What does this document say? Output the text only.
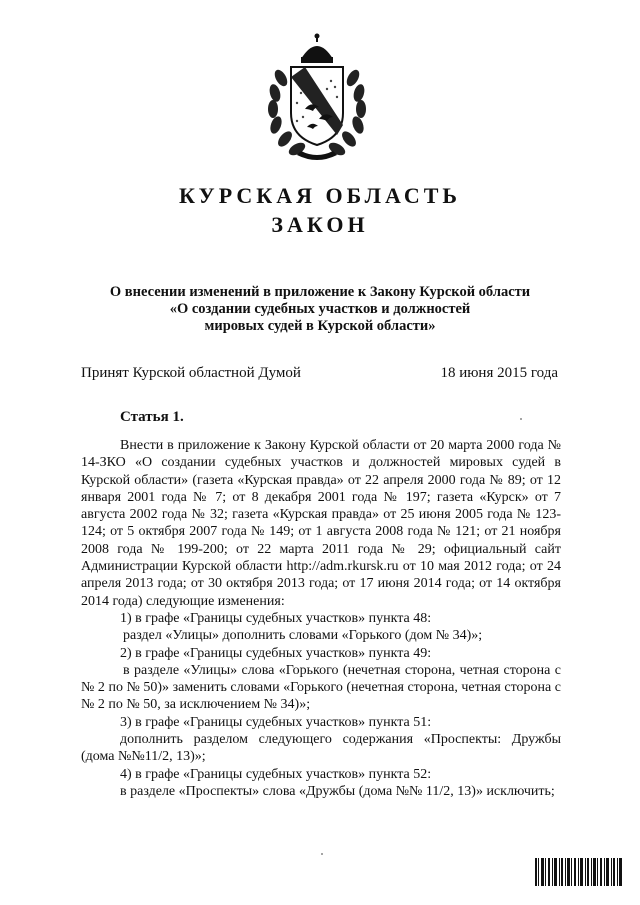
КУРСКАЯ ОБЛАСТЬ
ЗАКОН
О внесении изменений в приложение к Закону Курской области
«О создании судебных участков и должностей
мировых судей в Курской области»
Принят Курской областной Думой	18 июня 2015 года
Статья 1.

Внести в приложение к Закону Курской области от 20 марта 2000 года № 14-ЗКО «О создании судебных участков и должностей мировых судей в Курской области» (газета «Курская правда» от 22 апреля 2000 года № 89; от 12 января 2001 года № 7; от 8 декабря 2001 года № 197; газета «Курск» от 7 августа 2002 года № 32; газета «Курская правда» от 25 июня 2005 года № 123-124; от 5 октября 2007 года № 149; от 1 августа 2008 года № 121; от 21 ноября 2008 года № 199-200; от 22 марта 2011 года № 29; официальный сайт Администрации Курской области http://adm.rkursk.ru от 10 мая 2012 года; от 24 апреля 2013 года; от 30 октября 2013 года; от 17 июня 2014 года; от 14 октября 2014 года) следующие изменения:

1) в графе «Границы судебных участков» пункта 48:

раздел «Улицы» дополнить словами «Горького (дом № 34)»;

2) в графе «Границы судебных участков» пункта 49:

в разделе «Улицы» слова «Горького (нечетная сторона, четная сторона с № 2 по № 50)» заменить словами «Горького (нечетная сторона, четная сторона с № 2 по № 50, за исключением № 34)»;

3) в графе «Границы судебных участков» пункта 51:

дополнить разделом следующего содержания «Проспекты: Дружбы (дома №№11/2, 13)»;

4) в графе «Границы судебных участков» пункта 52:

в разделе «Проспекты» слова «Дружбы (дома №№ 11/2, 13)» исключить;
